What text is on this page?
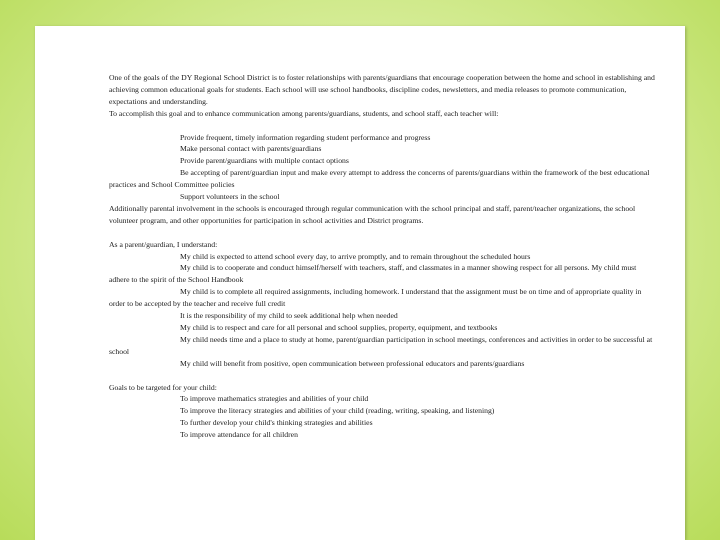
One of the goals of the DY Regional School District is to foster relationships with parents/guardians that encourage cooperation between the home and school in establishing and achieving common educational goals for students. Each school will use school handbooks, discipline codes, newsletters, and media releases to promote communication, expectations and understanding.

To accomplish this goal and to enhance communication among parents/guardians, students, and school staff, each teacher will:

Provide frequent, timely information regarding student performance and progress

Make personal contact with parents/guardians

Provide parent/guardians with multiple contact options

Be accepting of parent/guardian input and make every attempt to address the concerns of parents/guardians within the framework of the best educational practices and School Committee policies

Support volunteers in the school

Additionally parental involvement in the schools is encouraged through regular communication with the school principal and staff, parent/teacher organizations, the school volunteer program, and other opportunities for participation in school activities and District programs.

As a parent/guardian, I understand:

My child is expected to attend school every day, to arrive promptly, and to remain throughout the scheduled hours

My child is to cooperate and conduct himself/herself with teachers, staff, and classmates in a manner showing respect for all persons. My child must adhere to the spirit of the School Handbook

My child is to complete all required assignments, including homework. I understand that the assignment must be on time and of appropriate quality in order to be accepted by the teacher and receive full credit

It is the responsibility of my child to seek additional help when needed

My child is to respect and care for all personal and school supplies, property, equipment, and textbooks

My child needs time and a place to study at home, parent/guardian participation in school meetings, conferences and activities in order to be successful at school

My child will benefit from positive, open communication between professional educators and parents/guardians

Goals to be targeted for your child:

To improve mathematics strategies and abilities of your child

To improve the literacy strategies and abilities of your child (reading, writing, speaking, and listening)

To further develop your child's thinking strategies and abilities

To improve attendance for all children
